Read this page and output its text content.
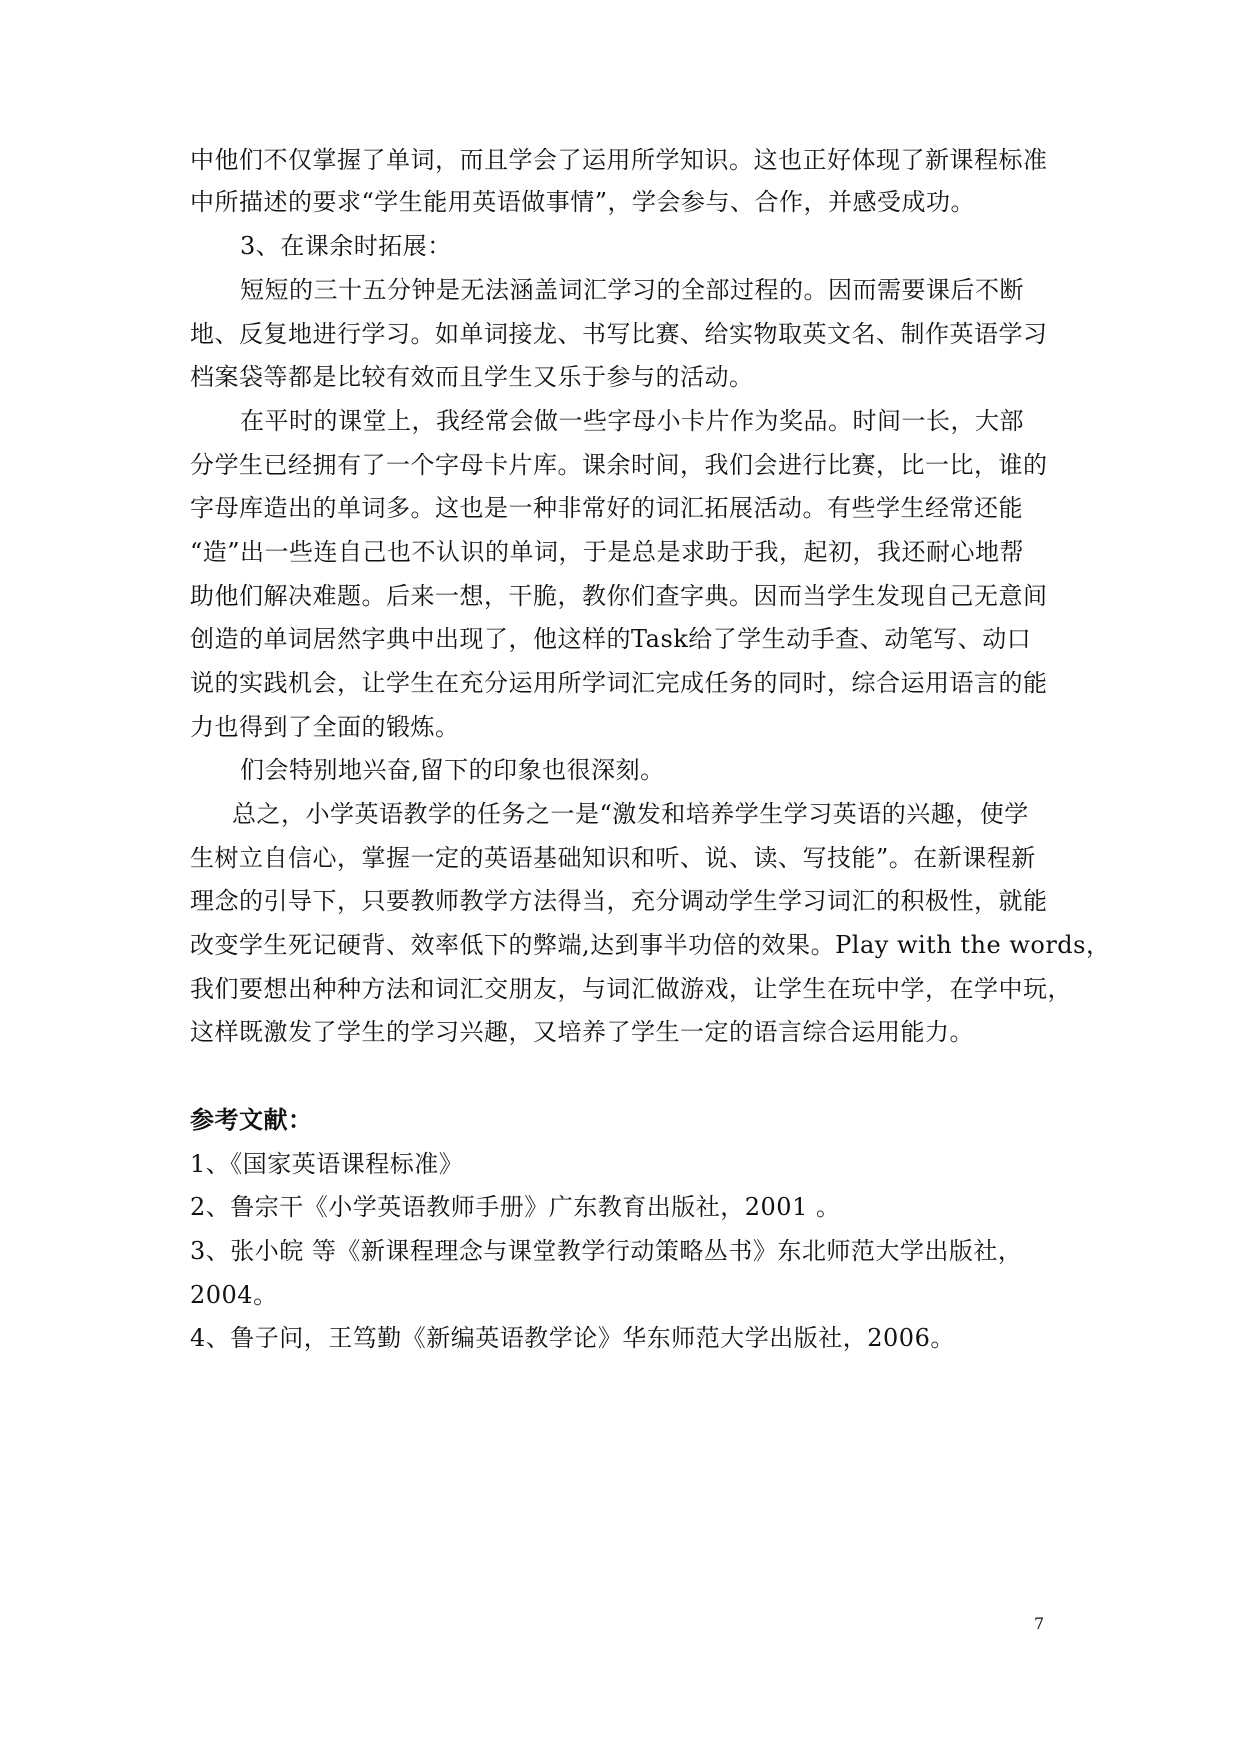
中他们不仅掌握了单词，而且学会了运用所学知识。这也正好体现了新课程标准
中所描述的要求“学生能用英语做事情”，学会参与、合作，并感受成功。
3、在课余时拓展：
短短的三十五分钟是无法涵盖词汇学习的全部过程的。因而需要课后不断
地、反复地进行学习。如单词接龙、书写比赛、给实物取英文名、制作英语学习
档案袋等都是比较有效而且学生又乐于参与的活动。
在平时的课堂上，我经常会做一些字母小卡片作为奖品。时间一长，大部
分学生已经拥有了一个字母卡片库。课余时间，我们会进行比赛，比一比，谁的
字母库造出的单词多。这也是一种非常好的词汇拓展活动。有些学生经常还能
“造”出一些连自己也不认识的单词，于是总是求助于我，起初，我还耐心地帮
助他们解决难题。后来一想，干脆，教你们查字典。因而当学生发现自己无意间
创造的单词居然字典中出现了，他这样的Task给了学生动手查、动笔写、动口
说的实践机会，让学生在充分运用所学词汇完成任务的同时，综合运用语言的能
力也得到了全面的锻炼。
们会特别地兴奋,留下的印象也很深刻。
总之，小学英语教学的任务之一是“激发和培养学生学习英语的兴趣，使学
生树立自信心，掌握一定的英语基础知识和听、说、读、写技能”。在新课程新
理念的引导下，只要教师教学方法得当，充分调动学生学习词汇的积极性，就能
改变学生死记硬背、效率低下的弊端,达到事半功倍的效果。Play with the words，
我们要想出种种方法和词汇交朋友，与词汇做游戏，让学生在玩中学，在学中玩，
这样既激发了学生的学习兴趣，又培养了学生一定的语言综合运用能力。
参考文献：
1、《国家英语课程标准》
2、鲁宗干《小学英语教师手册》广东教育出版社，2001 。
3、张小皖 等《新课程理念与课堂教学行动策略丛书》东北师范大学出版社，
2004。
4、鲁子问，王笃勤《新编英语教学论》华东师范大学出版社，2006。
7
